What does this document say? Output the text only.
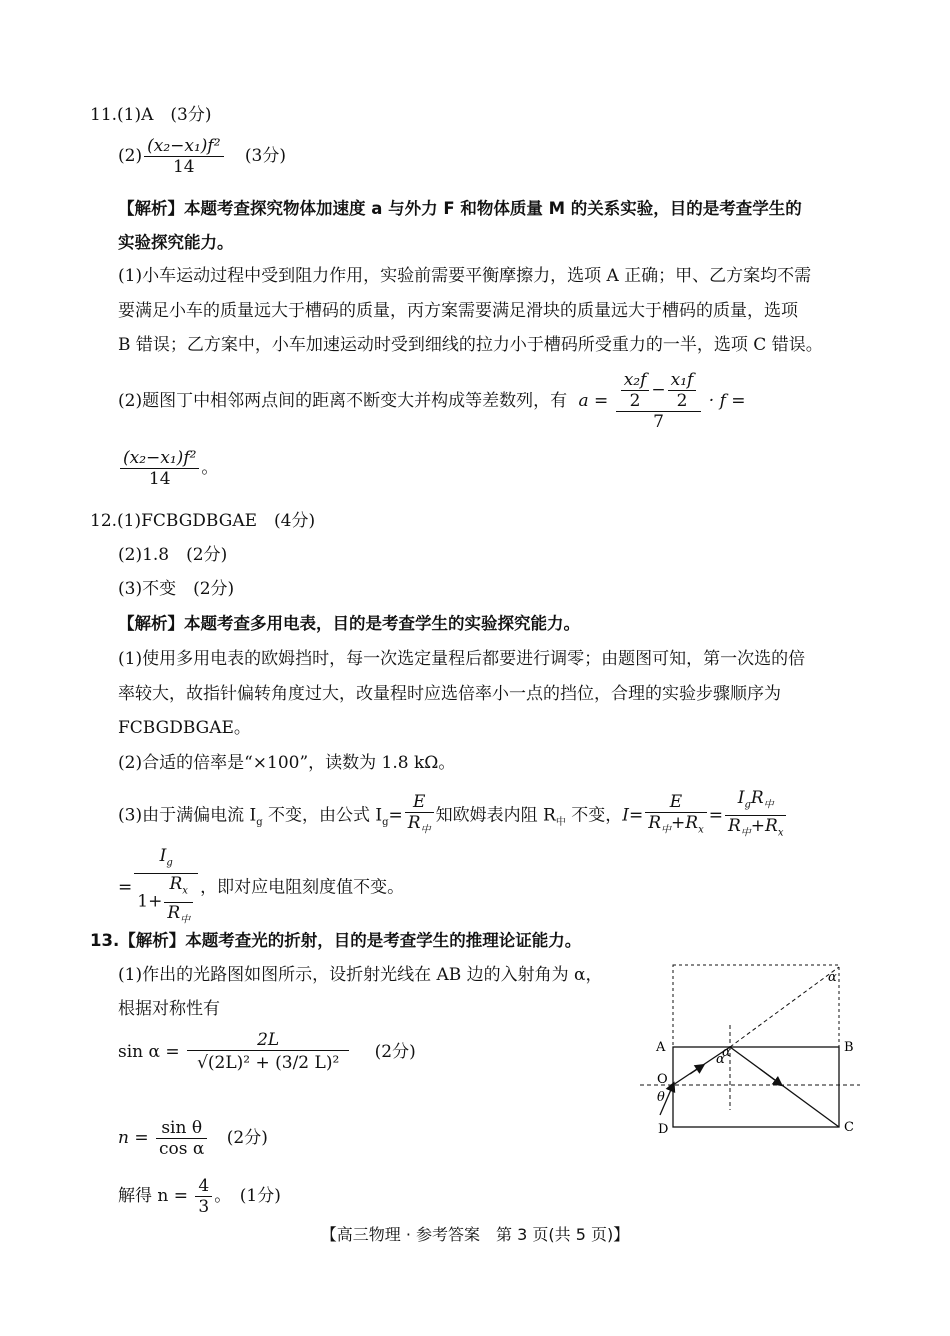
11.(1)A　(3分)
$(2) \frac{\text{(x₂−x₁)f²}}{14} (3$分)
【解析】本题考查探究物体加速度 a 与外力 F 和物体质量 M 的关系实验，目的是考查学生的
实验探究能力。
(1)小车运动过程中受到阻力作用，实验前需要平衡摩擦力，选项 A 正确；甲、乙方案均不需
要满足小车的质量远大于槽码的质量，丙方案需要满足滑块的质量远大于槽码的质量，选项
B 错误；乙方案中，小车加速运动时受到细线的拉力小于槽码所受重力的一半，选项 C 错误。
(2)题图丁中相邻两点间的距离不断变大并构成等差数列，有 $a = \frac{\frac{\text{x₂f}}{2} - \frac{\text{x₁f}}{2}}{7} \cdot f$ =
$\frac{\text{(x₂−x₁)f²}}{14}$ 。
12.(1)FCBGDBGAE　(4分)
(2)1.8　(2分)
(3)不变　(2分)
【解析】本题考查多用电表，目的是考查学生的实验探究能力。
(1)使用多用电表的欧姆挡时，每一次选定量程后都要进行调零；由题图可知，第一次选的倍
率较大，故指针偏转角度过大，改量程时应选倍率小一点的挡位，合理的实验步骤顺序为
FCBGDBGAE。
(2)合适的倍率是“×100”，读数为 1.8 kΩ。
(3)由于满偏电流 $I_g$ 不变，由公式 $I_g= \frac{E}{R_中}$ 知欧姆表内阻 $R_中$ 不变，$I= \frac{E}{R_中+R_x} = \frac{I_gR_中}{R_中+R_x}$
= $\frac{I_g}{1+ \frac{R_x}{R_中}}$ ，即对应电阻刻度值不变。
13.【解析】本题考查光的折射，目的是考查学生的推理论证能力。
(1)作出的光路图如图所示，设折射光线在 AB 边的入射角为 α，
根据对称性有
$\sin \alpha = \frac{2L}{\text{√(2L)² + (3/2 L)²}} (2$分)
$n = \frac{\text{sin θ}}{\text{cos α}} (2$分)
解得 $n = \frac{4}{3}$ 。　(1分)
A	B
C
D
O
θ
α
α
α
【高三物理 · 参考答案　第 3 页(共 5 页)】
